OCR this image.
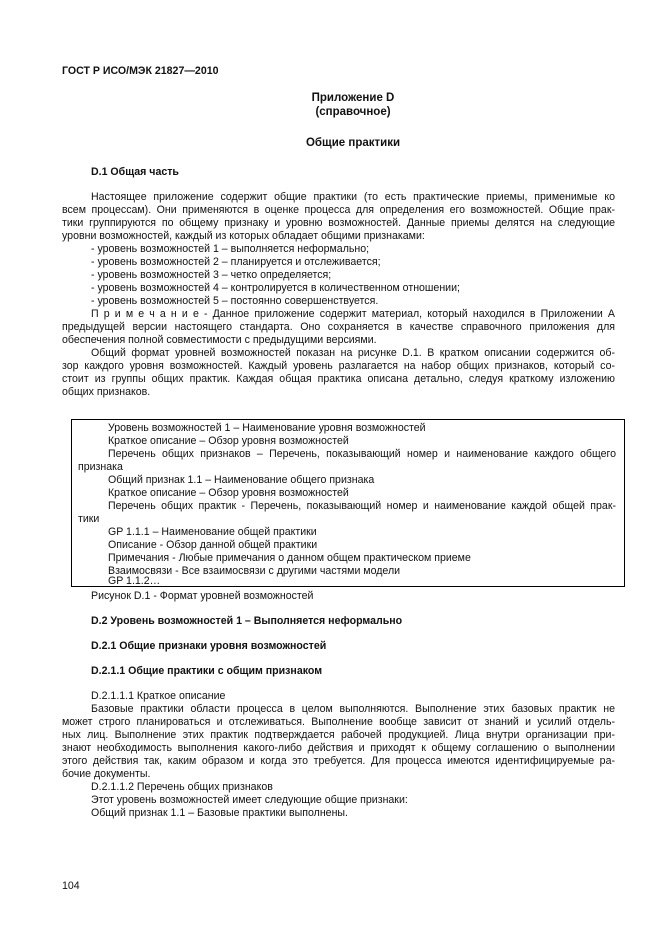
ГОСТ Р ИСО/МЭК 21827—2010
Приложение D
(справочное)
Общие практики
D.1 Общая часть
Настоящее приложение содержит общие практики (то есть практические приемы, применимые ко
всем процессам). Они применяются в оценке процесса для определения его возможностей. Общие прак-
тики группируются по общему признаку и уровню возможностей. Данные приемы делятся на следующие
уровни возможностей, каждый из которых обладает общими признаками:
- уровень возможностей 1 – выполняется неформально;
- уровень возможностей 2 – планируется и отслеживается;
- уровень возможностей 3 – четко определяется;
- уровень возможностей 4 – контролируется в количественном отношении;
- уровень возможностей 5 – постоянно совершенствуется.
П р и м е ч а н и е - Данное приложение содержит материал, который находился в Приложении А
предыдущей версии настоящего стандарта. Оно сохраняется в качестве справочного приложения для
обеспечения полной совместимости с предыдущими версиями.
Общий формат уровней возможностей показан на рисунке D.1. В кратком описании содержится об-
зор каждого уровня возможностей. Каждый уровень разлагается на набор общих признаков, который со-
стоит из группы общих практик. Каждая общая практика описана детально, следуя краткому изложению
общих признаков.
Уровень возможностей 1 – Наименование уровня возможностей
Краткое описание – Обзор уровня возможностей
Перечень общих признаков – Перечень, показывающий номер и наименование каждого общего
признака
Общий признак 1.1 – Наименование общего признака
Краткое описание – Обзор уровня возможностей
Перечень общих практик - Перечень, показывающий номер и наименование каждой общей прак-
тики
GP 1.1.1 – Наименование общей практики
Описание - Обзор данной общей практики
Примечания - Любые примечания о данном общем практическом приеме
Взаимосвязи - Все взаимосвязи с другими частями модели
GP 1.1.2…
Рисунок D.1 - Формат уровней возможностей
D.2 Уровень возможностей 1 – Выполняется неформально
D.2.1 Общие признаки уровня возможностей
D.2.1.1 Общие практики с общим признаком
D.2.1.1.1 Краткое описание
Базовые практики области процесса в целом выполняются. Выполнение этих базовых практик не
может строго планироваться и отслеживаться. Выполнение вообще зависит от знаний и усилий отдель-
ных лиц. Выполнение этих практик подтверждается рабочей продукцией. Лица внутри организации при-
знают необходимость выполнения какого-либо действия и приходят к общему соглашению о выполнении
этого действия так, каким образом и когда это требуется. Для процесса имеются идентифицируемые ра-
бочие документы.
D.2.1.1.2 Перечень общих признаков
Этот уровень возможностей имеет следующие общие признаки:
Общий признак 1.1 – Базовые практики выполнены.
104
